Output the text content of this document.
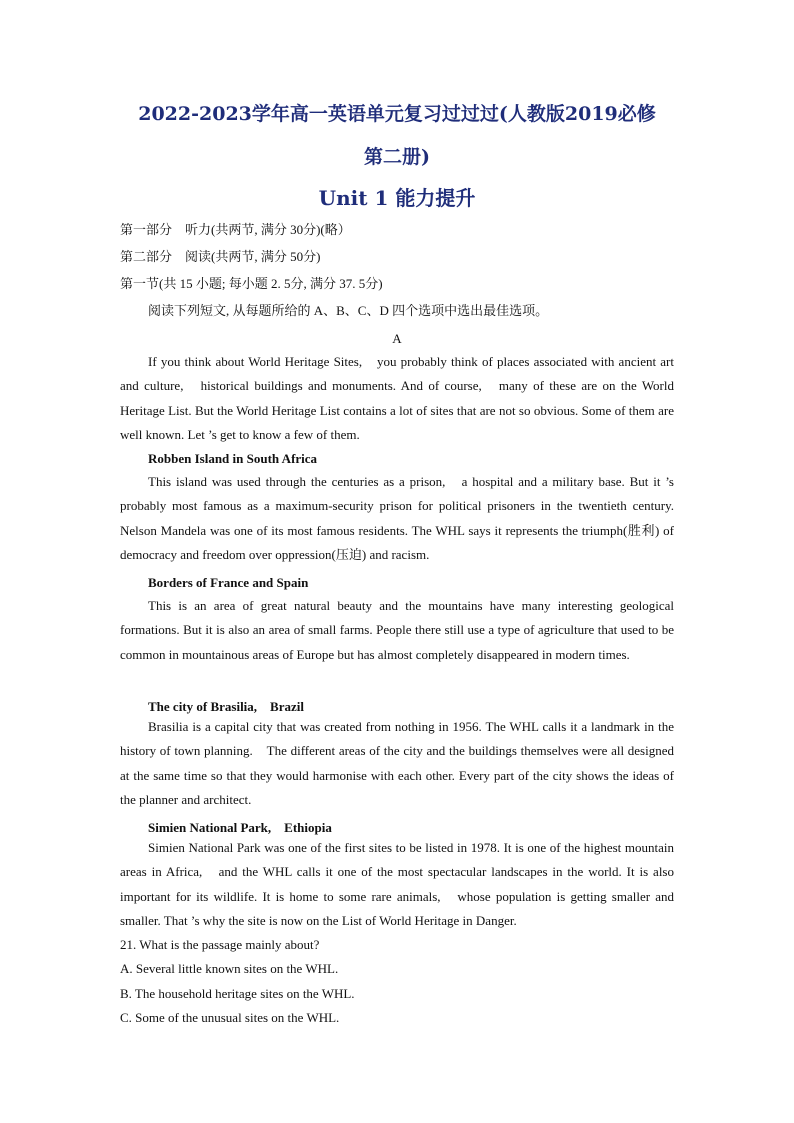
2022-2023学年高一英语单元复习过过过(人教版2019必修
第二册)
Unit 1 能力提升
第一部分　听力(共两节, 满分 30分)(略）
第二部分　阅读(共两节, 满分 50分)
第一节(共 15 小题; 每小题 2. 5分, 满分 37. 5分)
阅读下列短文, 从每题所给的 A、B、C、D 四个选项中选出最佳选项。
A

If you think about World Heritage Sites,　you probably think of places associated with ancient art and culture,　historical buildings and monuments. And of course,　many of these are on the World Heritage List. But the World Heritage List contains a lot of sites that are not so obvious. Some of them are well known. Let ’s get to know a few of them.

Robben Island in South Africa

This island was used through the centuries as a prison,　a hospital and a military base. But it ’s probably most famous as a maximum-security prison for political prisoners in the twentieth century. Nelson Mandela was one of its most famous residents. The WHL says it represents the triumph(胜利) of democracy and freedom over oppression(压迫) and racism.

Borders of France and Spain

This is an area of great natural beauty and the mountains have many interesting geological formations. But it is also an area of small farms. People there still use a type of agriculture that used to be common in mountainous areas of Europe but has almost completely disappeared in modern times.

The city of Brasilia,　Brazil

Brasilia is a capital city that was created from nothing in 1956. The WHL calls it a landmark in the history of town planning.　The different areas of the city and the buildings themselves were all designed at the same time so that they would harmonise with each other. Every part of the city shows the ideas of the planner and architect.

Simien National Park,　Ethiopia

Simien National Park was one of the first sites to be listed in 1978. It is one of the highest mountain areas in Africa,　and the WHL calls it one of the most spectacular landscapes in the world. It is also important for its wildlife. It is home to some rare animals,　whose population is getting smaller and smaller. That ’s why the site is now on the List of World Heritage in Danger.

21. What is the passage mainly about?
A. Several little known sites on the WHL.
B. The household heritage sites on the WHL.
C. Some of the unusual sites on the WHL.
